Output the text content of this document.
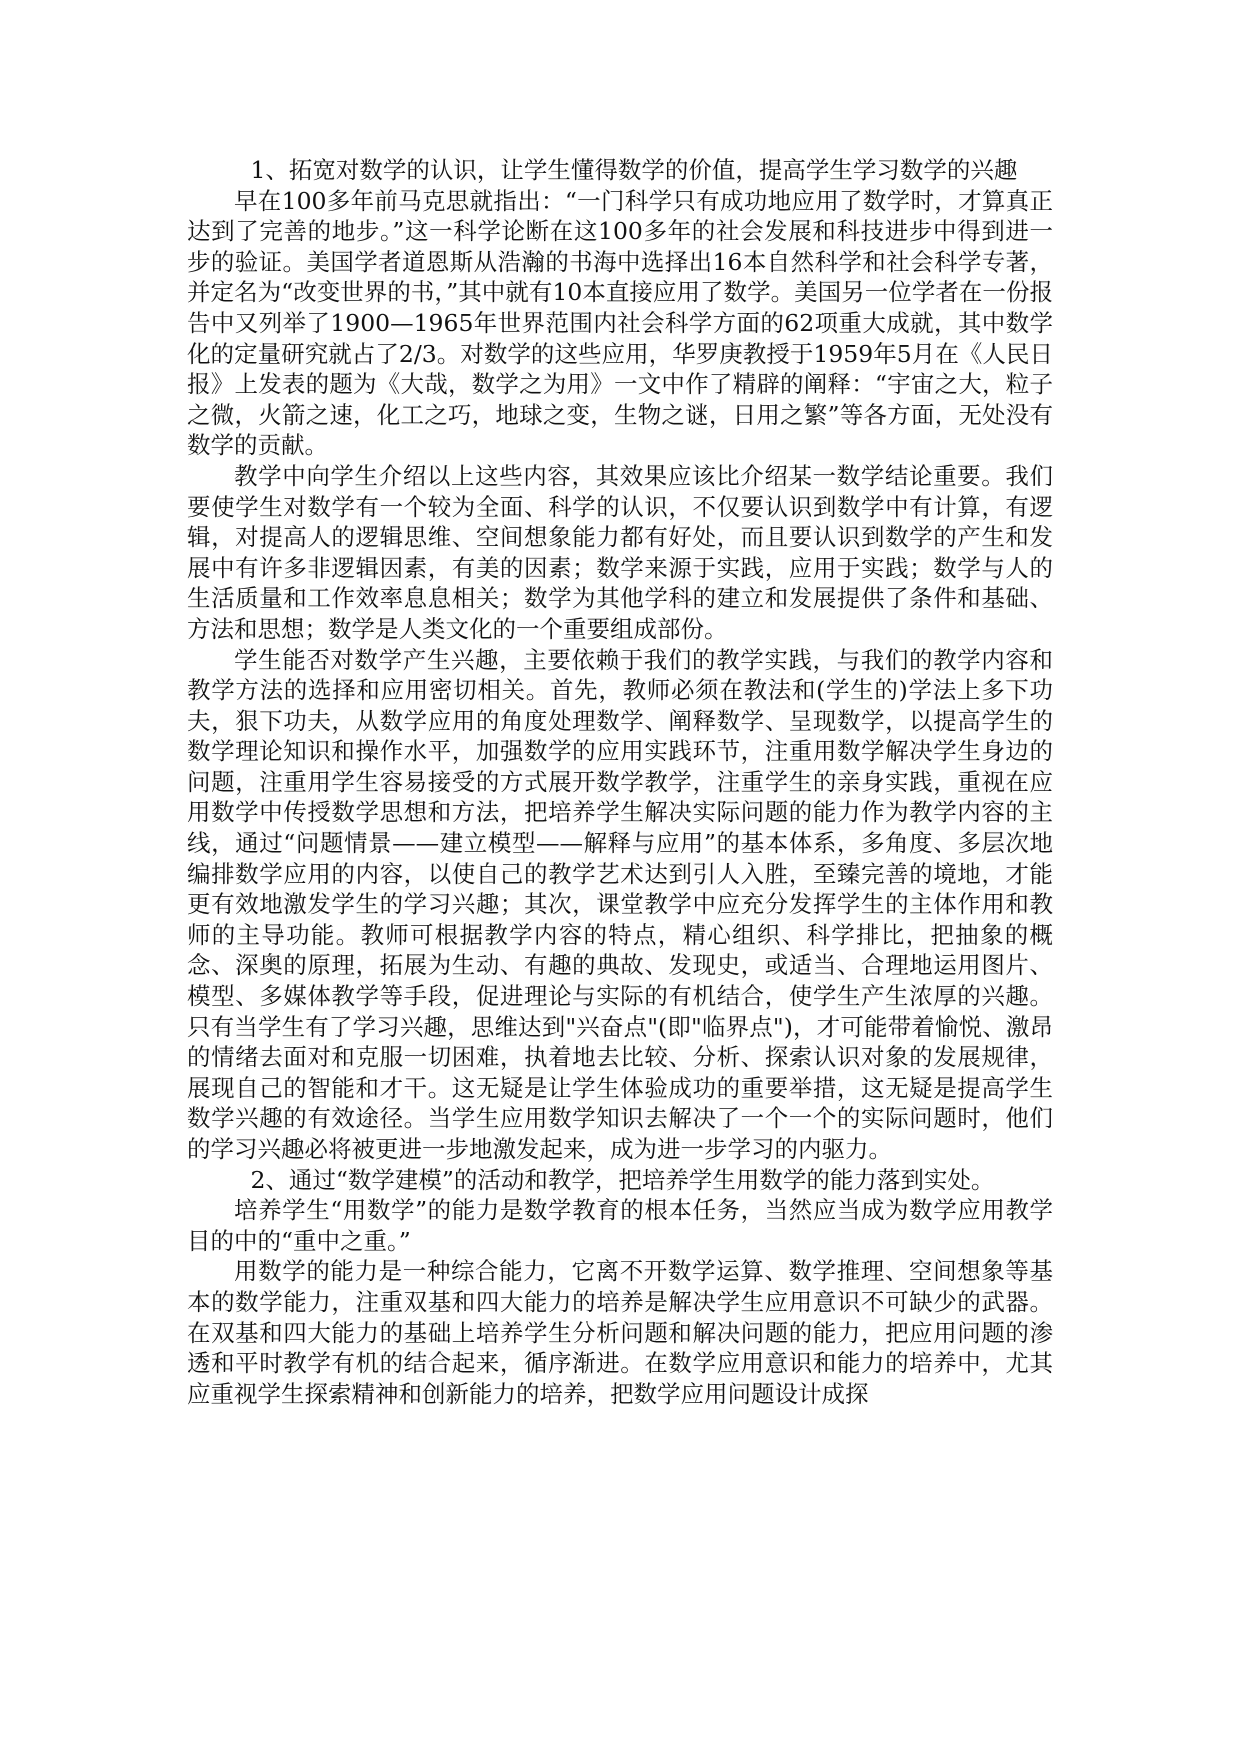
1、拓宽对数学的认识，让学生懂得数学的价值，提高学生学习数学的兴趣

早在100多年前马克思就指出：“一门科学只有成功地应用了数学时，才算真正达到了完善的地步。”这一科学论断在这100多年的社会发展和科技进步中得到进一步的验证。美国学者道恩斯从浩瀚的书海中选择出16本自然科学和社会科学专著，并定名为“改变世界的书，”其中就有10本直接应用了数学。美国另一位学者在一份报告中又列举了1900—1965年世界范围内社会科学方面的62项重大成就，其中数学化的定量研究就占了2/3。对数学的这些应用，华罗庚教授于1959年5月在《人民日报》上发表的题为《大哉，数学之为用》一文中作了精辟的阐释：“宇宙之大，粒子之微，火箭之速，化工之巧，地球之变，生物之谜，日用之繁”等各方面，无处没有数学的贡献。

教学中向学生介绍以上这些内容，其效果应该比介绍某一数学结论重要。我们要使学生对数学有一个较为全面、科学的认识，不仅要认识到数学中有计算，有逻辑，对提高人的逻辑思维、空间想象能力都有好处，而且要认识到数学的产生和发展中有许多非逻辑因素，有美的因素；数学来源于实践，应用于实践；数学与人的生活质量和工作效率息息相关；数学为其他学科的建立和发展提供了条件和基础、方法和思想；数学是人类文化的一个重要组成部份。

学生能否对数学产生兴趣，主要依赖于我们的教学实践，与我们的教学内容和教学方法的选择和应用密切相关。首先，教师必须在教法和(学生的)学法上多下功夫，狠下功夫，从数学应用的角度处理数学、阐释数学、呈现数学，以提高学生的数学理论知识和操作水平，加强数学的应用实践环节，注重用数学解决学生身边的问题，注重用学生容易接受的方式展开数学教学，注重学生的亲身实践，重视在应用数学中传授数学思想和方法，把培养学生解决实际问题的能力作为教学内容的主线，通过“问题情景——建立模型——解释与应用”的基本体系，多角度、多层次地编排数学应用的内容，以使自己的教学艺术达到引人入胜，至臻完善的境地，才能更有效地激发学生的学习兴趣；其次，课堂教学中应充分发挥学生的主体作用和教师的主导功能。教师可根据教学内容的特点，精心组织、科学排比，把抽象的概念、深奥的原理，拓展为生动、有趣的典故、发现史，或适当、合理地运用图片、模型、多媒体教学等手段，促进理论与实际的有机结合，使学生产生浓厚的兴趣。只有当学生有了学习兴趣，思维达到"兴奋点"(即"临界点")，才可能带着愉悦、激昂的情绪去面对和克服一切困难，执着地去比较、分析、探索认识对象的发展规律，展现自己的智能和才干。这无疑是让学生体验成功的重要举措，这无疑是提高学生数学兴趣的有效途径。当学生应用数学知识去解决了一个一个的实际问题时，他们的学习兴趣必将被更进一步地激发起来，成为进一步学习的内驱力。

2、通过“数学建模”的活动和教学，把培养学生用数学的能力落到实处。

培养学生“用数学”的能力是数学教育的根本任务，当然应当成为数学应用教学目的中的“重中之重。”

用数学的能力是一种综合能力，它离不开数学运算、数学推理、空间想象等基本的数学能力，注重双基和四大能力的培养是解决学生应用意识不可缺少的武器。在双基和四大能力的基础上培养学生分析问题和解决问题的能力，把应用问题的渗透和平时教学有机的结合起来，循序渐进。在数学应用意识和能力的培养中，尤其应重视学生探索精神和创新能力的培养，把数学应用问题设计成探
